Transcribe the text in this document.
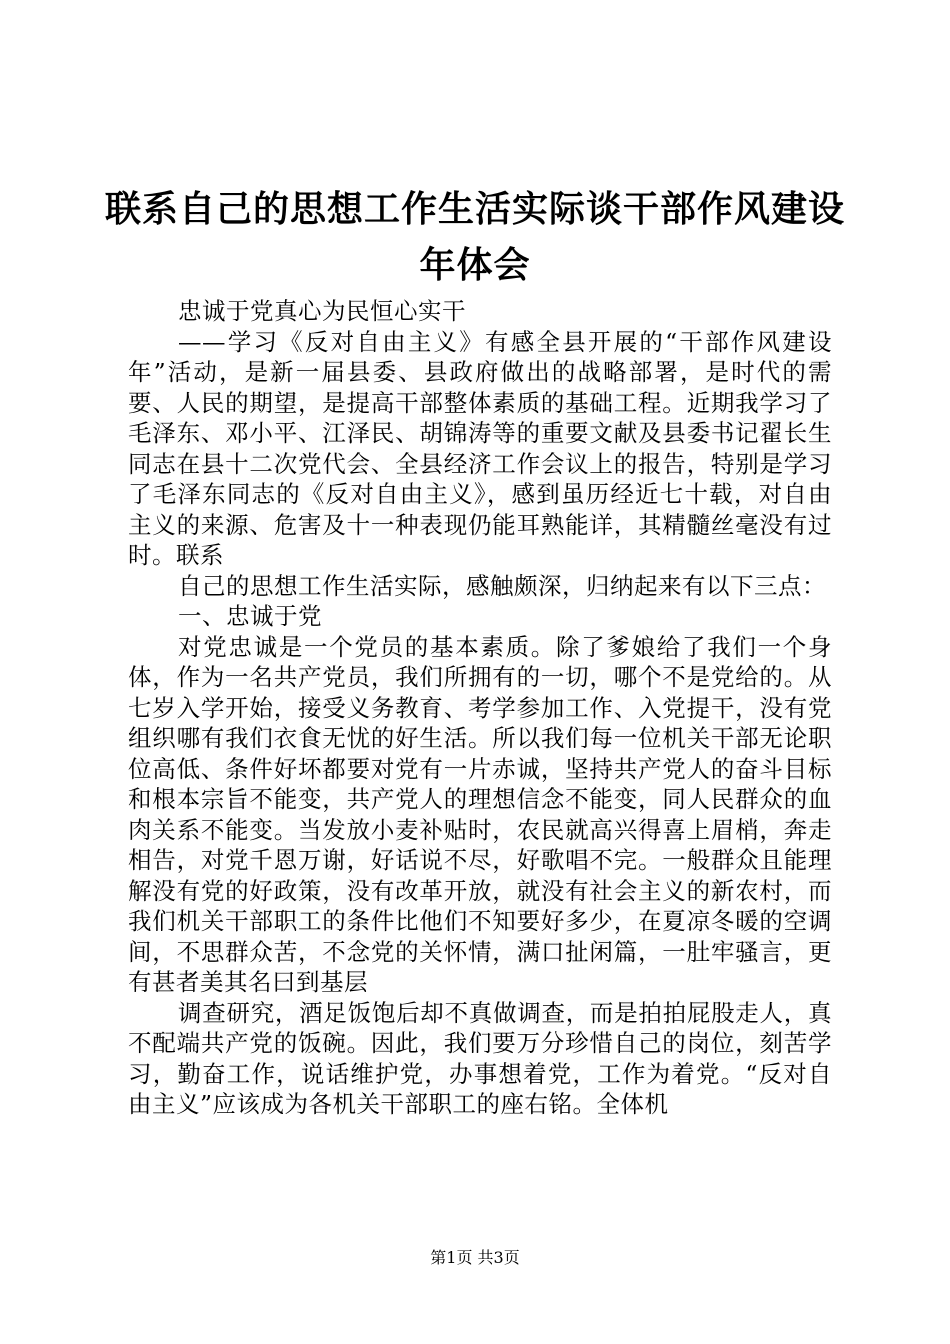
联系自己的思想工作生活实际谈干部作风建设年体会

忠诚于党真心为民恒心实干

——学习《反对自由主义》有感全县开展的“干部作风建设年”活动，是新一届县委、县政府做出的战略部署，是时代的需要、人民的期望，是提高干部整体素质的基础工程。近期我学习了毛泽东、邓小平、江泽民、胡锦涛等的重要文献及县委书记翟长生同志在县十二次党代会、全县经济工作会议上的报告，特别是学习了毛泽东同志的《反对自由主义》，感到虽历经近七十载，对自由主义的来源、危害及十一种表现仍能耳熟能详，其精髓丝毫没有过时。联系

自己的思想工作生活实际，感触颇深，归纳起来有以下三点：

一、忠诚于党

对党忠诚是一个党员的基本素质。除了爹娘给了我们一个身体，作为一名共产党员，我们所拥有的一切，哪个不是党给的。从七岁入学开始，接受义务教育、考学参加工作、入党提干，没有党组织哪有我们衣食无忧的好生活。所以我们每一位机关干部无论职位高低、条件好坏都要对党有一片赤诚，坚持共产党人的奋斗目标和根本宗旨不能变，共产党人的理想信念不能变，同人民群众的血肉关系不能变。当发放小麦补贴时，农民就高兴得喜上眉梢，奔走相告，对党千恩万谢，好话说不尽，好歌唱不完。一般群众且能理解没有党的好政策，没有改革开放，就没有社会主义的新农村，而我们机关干部职工的条件比他们不知要好多少，在夏凉冬暖的空调间，不思群众苦，不念党的关怀情，满口扯闲篇，一肚牢骚言，更有甚者美其名曰到基层

调查研究，酒足饭饱后却不真做调查，而是拍拍屁股走人，真不配端共产党的饭碗。因此，我们要万分珍惜自己的岗位，刻苦学习，勤奋工作，说话维护党，办事想着党，工作为着党。“反对自由主义”应该成为各机关干部职工的座右铭。全体机

第1页 共3页
